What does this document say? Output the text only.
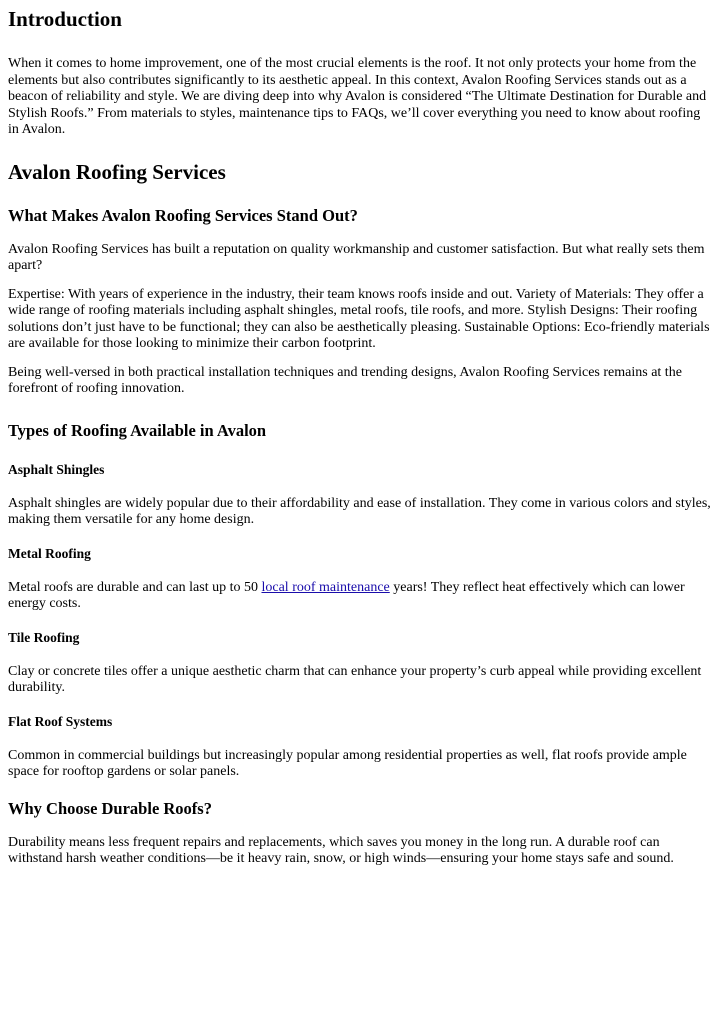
Introduction

When it comes to home improvement, one of the most crucial elements is the roof. It not only protects your home from the elements but also contributes significantly to its aesthetic appeal. In this context, Avalon Roofing Services stands out as a beacon of reliability and style. We are diving deep into why Avalon is considered “The Ultimate Destination for Durable and Stylish Roofs.” From materials to styles, maintenance tips to FAQs, we’ll cover everything you need to know about roofing in Avalon.

Avalon Roofing Services
What Makes Avalon Roofing Services Stand Out?

Avalon Roofing Services has built a reputation on quality workmanship and customer satisfaction. But what really sets them apart?

Expertise: With years of experience in the industry, their team knows roofs inside and out. Variety of Materials: They offer a wide range of roofing materials including asphalt shingles, metal roofs, tile roofs, and more. Stylish Designs: Their roofing solutions don’t just have to be functional; they can also be aesthetically pleasing. Sustainable Options: Eco-friendly materials are available for those looking to minimize their carbon footprint.

Being well-versed in both practical installation techniques and trending designs, Avalon Roofing Services remains at the forefront of roofing innovation.

Types of Roofing Available in Avalon
Asphalt Shingles

Asphalt shingles are widely popular due to their affordability and ease of installation. They come in various colors and styles, making them versatile for any home design.

Metal Roofing

Metal roofs are durable and can last up to 50 local roof maintenance years! They reflect heat effectively which can lower energy costs.

Tile Roofing

Clay or concrete tiles offer a unique aesthetic charm that can enhance your property’s curb appeal while providing excellent durability.

Flat Roof Systems

Common in commercial buildings but increasingly popular among residential properties as well, flat roofs provide ample space for rooftop gardens or solar panels.

Why Choose Durable Roofs?

Durability means less frequent repairs and replacements, which saves you money in the long run. A durable roof can withstand harsh weather conditions—be it heavy rain, snow, or high winds—ensuring your home stays safe and sound.
